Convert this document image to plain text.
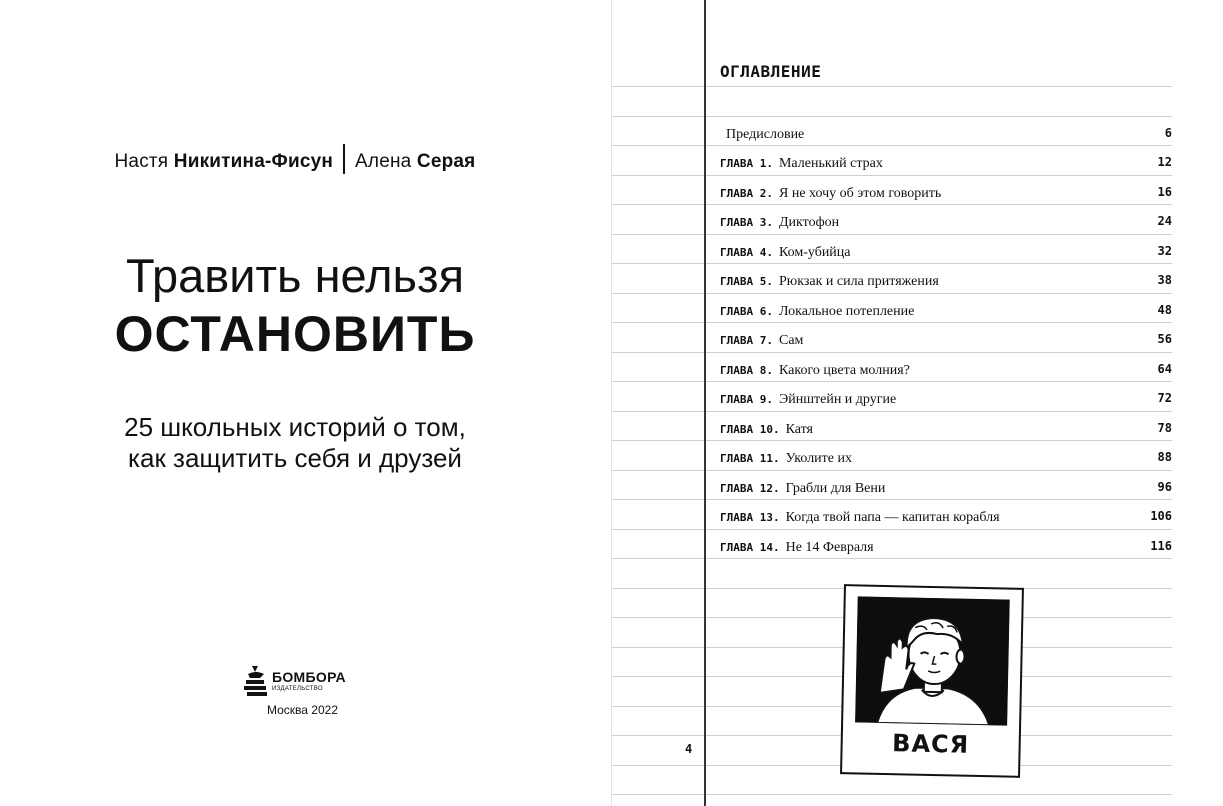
Настя Никитина-Фисун Алена Серая
Травить нельзя
ОСТАНОВИТЬ
25 школьных историй о том,
как защитить себя и друзей
БОМБОРА
ИЗДАТЕЛЬСТВО
Москва 2022
ОГЛАВЛЕНИЕ
Предисловие	6
ГЛАВА 1. Маленький страх	12
ГЛАВА 2. Я не хочу об этом говорить	16
ГЛАВА 3. Диктофон	24
ГЛАВА 4. Ком-убийца	32
ГЛАВА 5. Рюкзак и сила притяжения	38
ГЛАВА 6. Локальное потепление	48
ГЛАВА 7. Сам	56
ГЛАВА 8. Какого цвета молния?	64
ГЛАВА 9. Эйнштейн и другие	72
ГЛАВА 10. Катя	78
ГЛАВА 11. Уколите их	88
ГЛАВА 12. Грабли для Вени	96
ГЛАВА 13. Когда твой папа — капитан корабля	106
ГЛАВА 14. Не 14 Февраля	116
ВАСЯ
4
